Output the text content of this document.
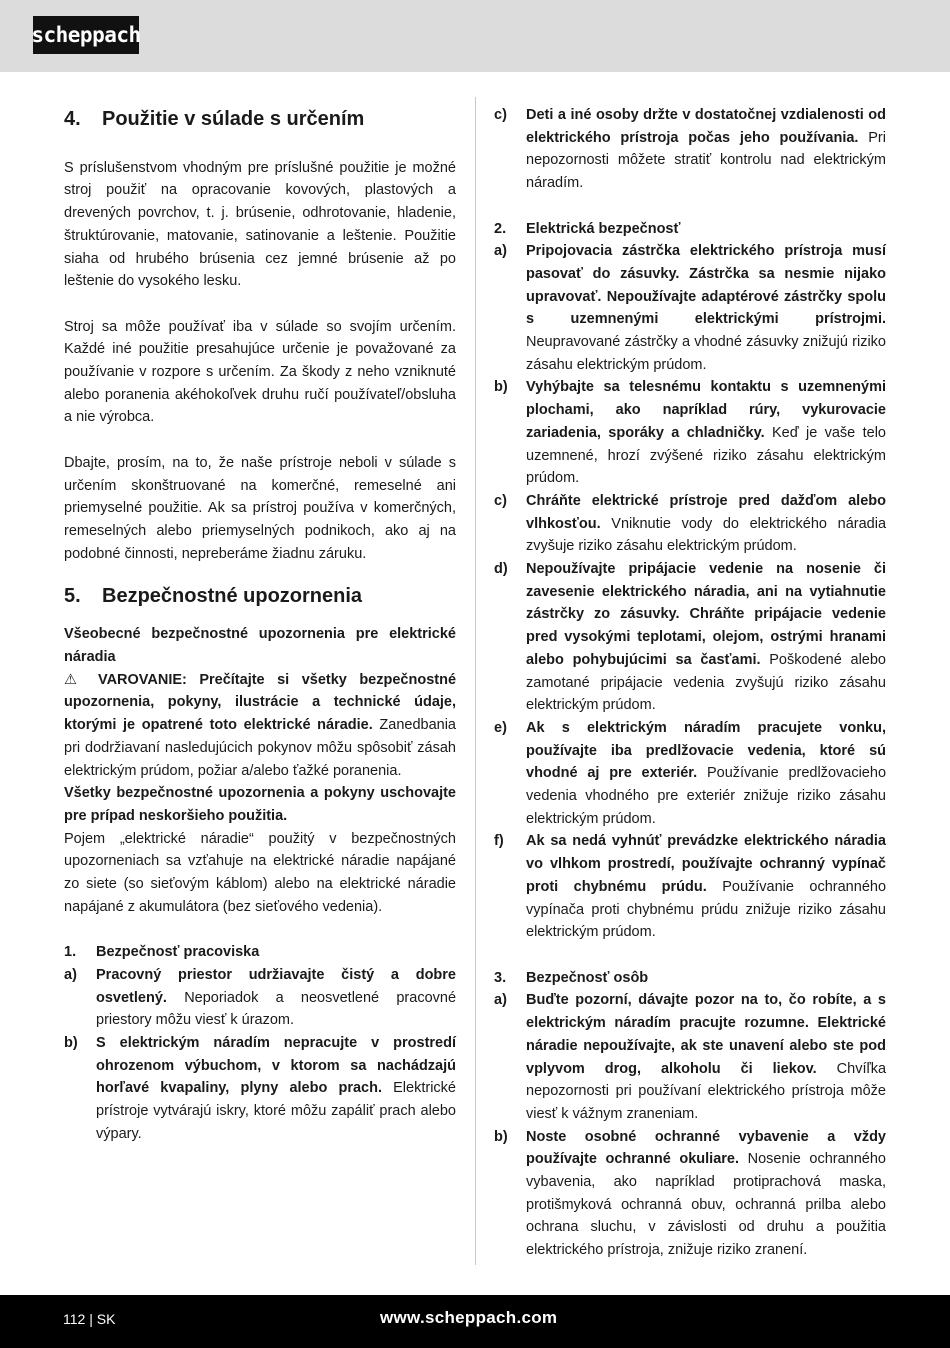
scheppach
4.	Použitie v súlade s určením

S príslušenstvom vhodným pre príslušné použitie je možné stroj použiť na opracovanie kovových, plastových a drevených povrchov, t. j. brúsenie, odhrotovanie, hladenie, štruktúrovanie, matovanie, satinovanie a leštenie. Použitie siaha od hrubého brúsenia cez jemné brúsenie až po leštenie do vysokého lesku.

Stroj sa môže používať iba v súlade so svojím určením. Každé iné použitie presahujúce určenie je považované za používanie v rozpore s určením. Za škody z neho vzniknuté alebo poranenia akéhokoľvek druhu ručí používateľ/obsluha a nie výrobca.

Dbajte, prosím, na to, že naše prístroje neboli v súlade s určením skonštruované na komerčné, remeselné ani priemyselné použitie. Ak sa prístroj používa v komerčných, remeselných alebo priemyselných podnikoch, ako aj na podobné činnosti, nepreberáme žiadnu záruku.

5.	Bezpečnostné upozornenia

Všeobecné bezpečnostné upozornenia pre elektrické náradia

⚠ VAROVANIE: Prečítajte si všetky bezpečnostné upozornenia, pokyny, ilustrácie a technické údaje, ktorými je opatrené toto elektrické náradie. Zanedbania pri dodržiavaní nasledujúcich pokynov môžu spôsobiť zásah elektrickým prúdom, požiar a/alebo ťažké poranenia.

Všetky bezpečnostné upozornenia a pokyny uschovajte pre prípad neskoršieho použitia.

Pojem „elektrické náradie“ použitý v bezpečnostných upozorneniach sa vzťahuje na elektrické náradie napájané zo siete (so sieťovým káblom) alebo na elektrické náradie napájané z akumulátora (bez sieťového vedenia).

1.	Bezpečnosť pracoviska
a)	Pracovný priestor udržiavajte čistý a dobre osvetlený. Neporiadok a neosvetlené pracovné priestory môžu viesť k úrazom.

b)	S elektrickým náradím nepracujte v prostredí ohrozenom výbuchom, v ktorom sa nachádzajú horľavé kvapaliny, plyny alebo prach. Elektrické prístroje vytvárajú iskry, ktoré môžu zapáliť prach alebo výpary.

c)	Deti a iné osoby držte v dostatočnej vzdialenosti od elektrického prístroja počas jeho používania. Pri nepozornosti môžete stratiť kontrolu nad elektrickým náradím.

2.	Elektrická bezpečnosť
a)	Pripojovacia zástrčka elektrického prístroja musí pasovať do zásuvky. Zástrčka sa nesmie nijako upravovať. Nepoužívajte adaptérové zástrčky spolu s uzemnenými elektrickými prístrojmi. Neupravované zástrčky a vhodné zásuvky znižujú riziko zásahu elektrickým prúdom.

b)	Vyhýbajte sa telesnému kontaktu s uzemnenými plochami, ako napríklad rúry, vykurovacie zariadenia, sporáky a chladničky. Keď je vaše telo uzemnené, hrozí zvýšené riziko zásahu elektrickým prúdom.

c)	Chráňte elektrické prístroje pred dažďom alebo vlhkosťou. Vniknutie vody do elektrického náradia zvyšuje riziko zásahu elektrickým prúdom.

d)	Nepoužívajte pripájacie vedenie na nosenie či zavesenie elektrického náradia, ani na vytiahnutie zástrčky zo zásuvky. Chráňte pripájacie vedenie pred vysokými teplotami, olejom, ostrými hranami alebo pohybujúcimi sa časťami. Poškodené alebo zamotané pripájacie vedenia zvyšujú riziko zásahu elektrickým prúdom.

e)	Ak s elektrickým náradím pracujete vonku, používajte iba predlžovacie vedenia, ktoré sú vhodné aj pre exteriér. Používanie predlžovacieho vedenia vhodného pre exteriér znižuje riziko zásahu elektrickým prúdom.

f)	Ak sa nedá vyhnúť prevádzke elektrického náradia vo vlhkom prostredí, používajte ochranný vypínač proti chybnému prúdu. Používanie ochranného vypínača proti chybnému prúdu znižuje riziko zásahu elektrickým prúdom.

3.	Bezpečnosť osôb
a)	Buďte pozorní, dávajte pozor na to, čo robíte, a s elektrickým náradím pracujte rozumne. Elektrické náradie nepoužívajte, ak ste unavení alebo ste pod vplyvom drog, alkoholu či liekov. Chvíľka nepozornosti pri používaní elektrického prístroja môže viesť k vážnym zraneniam.

b)	Noste osobné ochranné vybavenie a vždy používajte ochranné okuliare. Nosenie ochranného vybavenia, ako napríklad protiprachová maska, protišmyková ochranná obuv, ochranná prilba alebo ochrana sluchu, v závislosti od druhu a použitia elektrického prístroja, znižuje riziko zranení.

112 | SK	www.scheppach.com
